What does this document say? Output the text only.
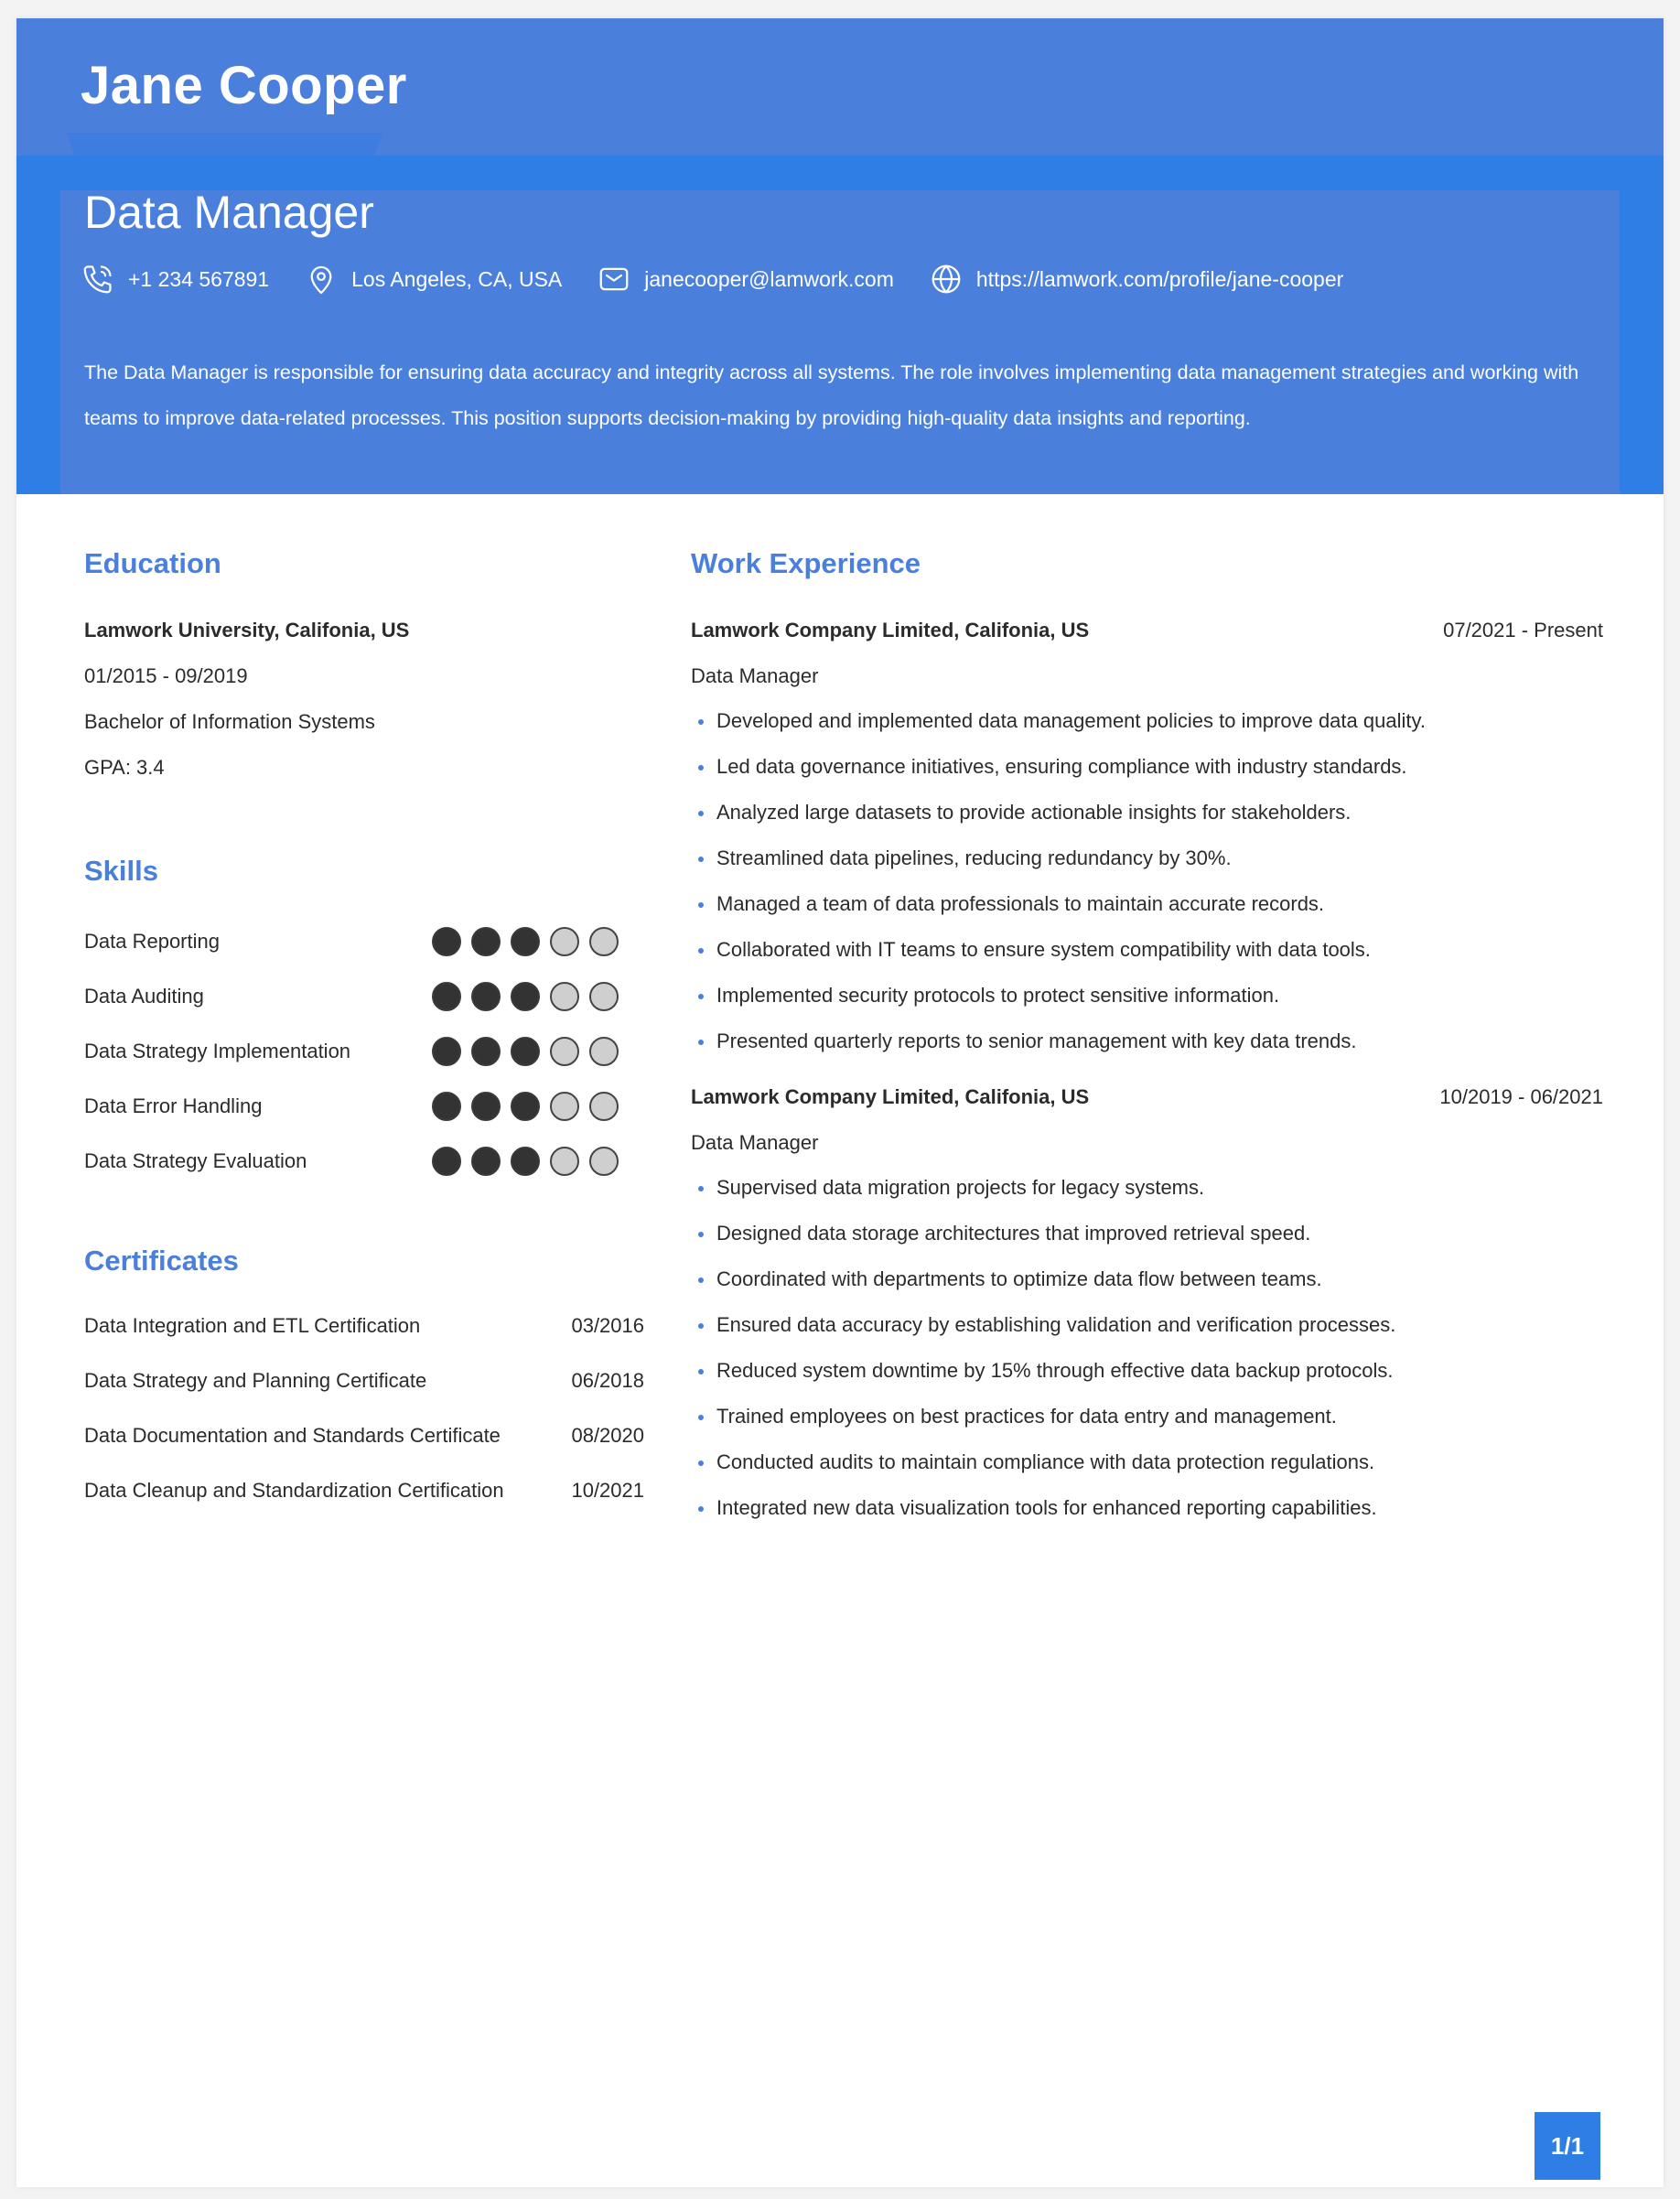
Jane Cooper
Data Manager
+1 234 567891	Los Angeles, CA, USA	janecooper@lamwork.com	https://lamwork.com/profile/jane-cooper
The Data Manager is responsible for ensuring data accuracy and integrity across all systems. The role involves implementing data management strategies and working with teams to improve data-related processes. This position supports decision-making by providing high-quality data insights and reporting.
Education
Lamwork University, Califonia, US
01/2015 - 09/2019
Bachelor of Information Systems
GPA: 3.4
Skills
Data Reporting
Data Auditing
Data Strategy Implementation
Data Error Handling
Data Strategy Evaluation
Certificates
Data Integration and ETL Certification	03/2016
Data Strategy and Planning Certificate	06/2018
Data Documentation and Standards Certificate	08/2020
Data Cleanup and Standardization Certification	10/2021
Work Experience
Lamwork Company Limited, Califonia, US	07/2021 - Present
Data Manager
Developed and implemented data management policies to improve data quality.
Led data governance initiatives, ensuring compliance with industry standards.
Analyzed large datasets to provide actionable insights for stakeholders.
Streamlined data pipelines, reducing redundancy by 30%.
Managed a team of data professionals to maintain accurate records.
Collaborated with IT teams to ensure system compatibility with data tools.
Implemented security protocols to protect sensitive information.
Presented quarterly reports to senior management with key data trends.
Lamwork Company Limited, Califonia, US	10/2019 - 06/2021
Data Manager
Supervised data migration projects for legacy systems.
Designed data storage architectures that improved retrieval speed.
Coordinated with departments to optimize data flow between teams.
Ensured data accuracy by establishing validation and verification processes.
Reduced system downtime by 15% through effective data backup protocols.
Trained employees on best practices for data entry and management.
Conducted audits to maintain compliance with data protection regulations.
Integrated new data visualization tools for enhanced reporting capabilities.
1/1
